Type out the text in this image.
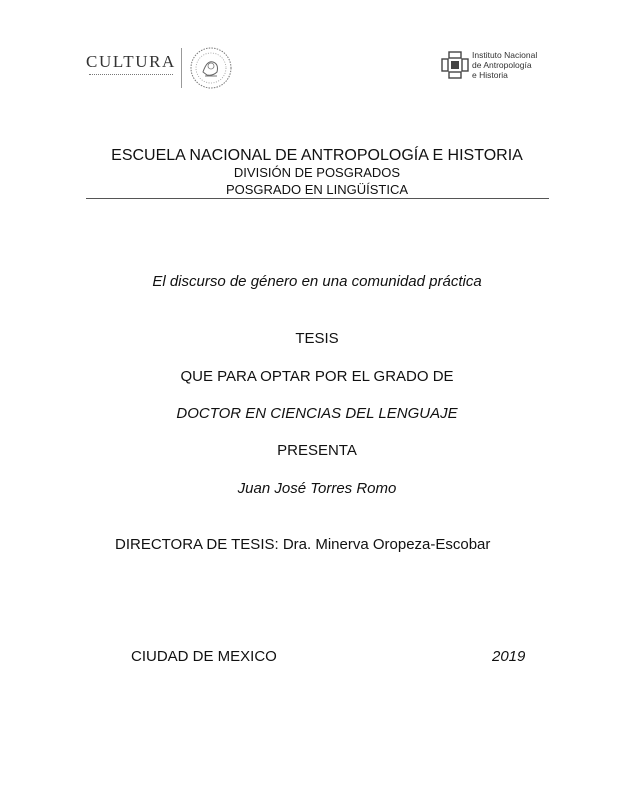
CULTURA	Instituto Nacional
de Antropología
e Historia
ESCUELA NACIONAL DE ANTROPOLOGÍA E HISTORIA
DIVISIÓN DE POSGRADOS
POSGRADO EN LINGÜÍSTICA
El discurso de género en una comunidad práctica
TESIS
QUE PARA OPTAR POR EL GRADO DE
DOCTOR EN CIENCIAS DEL LENGUAJE
PRESENTA
Juan José Torres Romo
DIRECTORA DE TESIS: Dra. Minerva Oropeza-Escobar
CIUDAD DE MEXICO	2019
